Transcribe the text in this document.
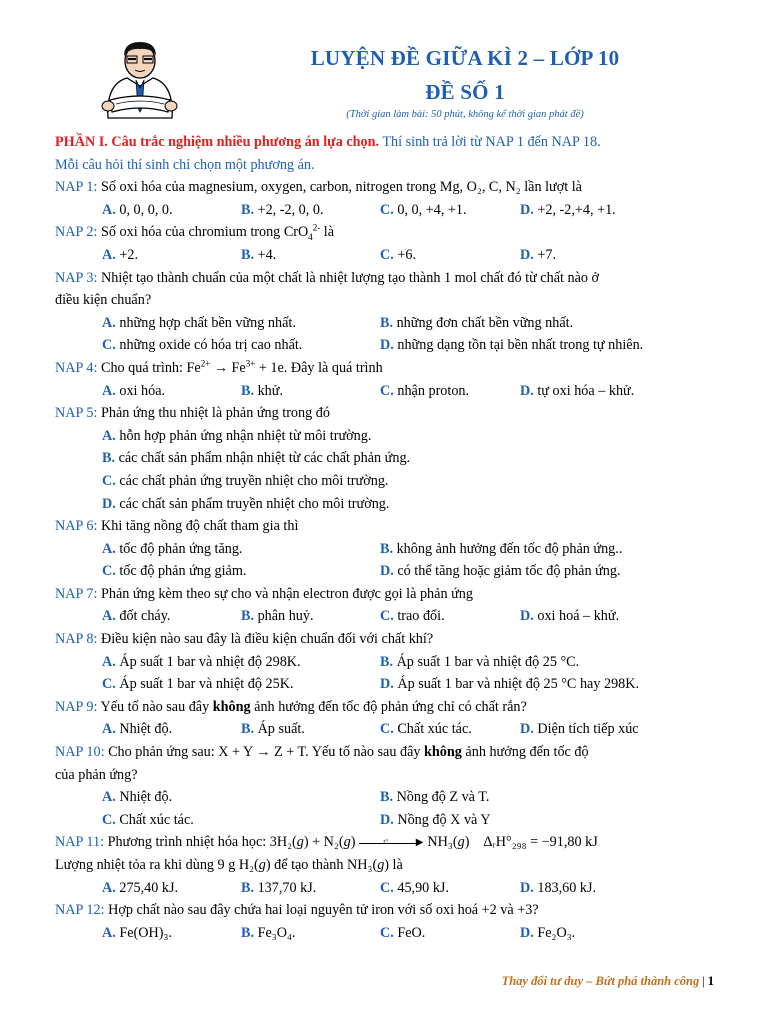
LUYỆN ĐỀ GIỮA KÌ 2 – LỚP 10
ĐỀ SỐ 1
(Thời gian làm bài: 50 phút, không kể thời gian phát đề)
PHẦN I. Câu trắc nghiệm nhiều phương án lựa chọn. Thí sinh trả lời từ NAP 1 đến NAP 18.
Mỗi câu hỏi thí sinh chỉ chọn một phương án.
NAP 1: Số oxi hóa của magnesium, oxygen, carbon, nitrogen trong Mg, O₂, C, N₂ lần lượt là
A. 0, 0, 0, 0.	B. +2, -2, 0, 0.	C. 0, 0, +4, +1.	D. +2, -2,+4, +1.
NAP 2: Số oxi hóa của chromium trong CrO$_4^{2-}$ là
A. +2.	B. +4.	C. +6.	D. +7.
NAP 3: Nhiệt tạo thành chuẩn của một chất là nhiệt lượng tạo thành 1 mol chất đó từ chất nào ở
điều kiện chuẩn?
A. những hợp chất bền vững nhất.	B. những đơn chất bền vững nhất.
C. những oxide có hóa trị cao nhất.	D. những dạng tồn tại bền nhất trong tự nhiên.
NAP 4: Cho quá trình: $Fe^{2+} \to Fe^{3+} + 1e$. Đây là quá trình
A. oxi hóa.	B. khử.	C. nhận proton.	D. tự oxi hóa – khử.
NAP 5: Phản ứng thu nhiệt là phản ứng trong đó
A. hỗn hợp phản ứng nhận nhiệt từ môi trường.
B. các chất sản phẩm nhận nhiệt từ các chất phản ứng.
C. các chất phản ứng truyền nhiệt cho môi trường.
D. các chất sản phẩm truyền nhiệt cho môi trường.
NAP 6: Khi tăng nồng độ chất tham gia thì
A. tốc độ phản ứng tăng.	B. không ảnh hưởng đến tốc độ phản ứng..
C. tốc độ phản ứng giảm.	D. có thể tăng hoặc giảm tốc độ phản ứng.
NAP 7: Phản ứng kèm theo sự cho và nhận electron được gọi là phản ứng
A. đốt cháy.	B. phân huỷ.	C. trao đổi.	D. oxi hoá – khử.
NAP 8: Điều kiện nào sau đây là điều kiện chuẩn đối với chất khí?
A. Áp suất 1 bar và nhiệt độ 298K.	B. Áp suất 1 bar và nhiệt độ 25 °C.
C. Áp suất 1 bar và nhiệt độ 25K.	D. Áp suất 1 bar và nhiệt độ 25 °C hay 298K.
NAP 9: Yếu tố nào sau đây không ảnh hưởng đến tốc độ phản ứng chỉ có chất rắn?
A. Nhiệt độ.	B. Áp suất.	C. Chất xúc tác.	D. Diện tích tiếp xúc
NAP 10: Cho phản ứng sau: X + Y → Z + T. Yếu tố nào sau đây không ảnh hưởng đến tốc độ
của phản ứng?
A. Nhiệt độ.	B. Nồng độ Z và T.
C. Chất xúc tác.	D. Nồng độ X và Y
NAP 11: Phương trình nhiệt hóa học: 3H₂(g) + N₂(g)	t°	▶ NH₃(g) ΔᵣH°₂₉₈ = −91,80 kJ
Lượng nhiệt tỏa ra khi dùng 9 g H₂(g) để tạo thành NH₃(g) là
A. 275,40 kJ.	B. 137,70 kJ.	C. 45,90 kJ.	D. 183,60 kJ.
NAP 12: Hợp chất nào sau đây chứa hai loại nguyên tử iron với số oxi hoá +2 và +3?
A. Fe(OH)₃.	B. Fe₃O₄.	C. FeO.	D. Fe₂O₃.
Thay đổi tư duy – Bứt phá thành công | 1
